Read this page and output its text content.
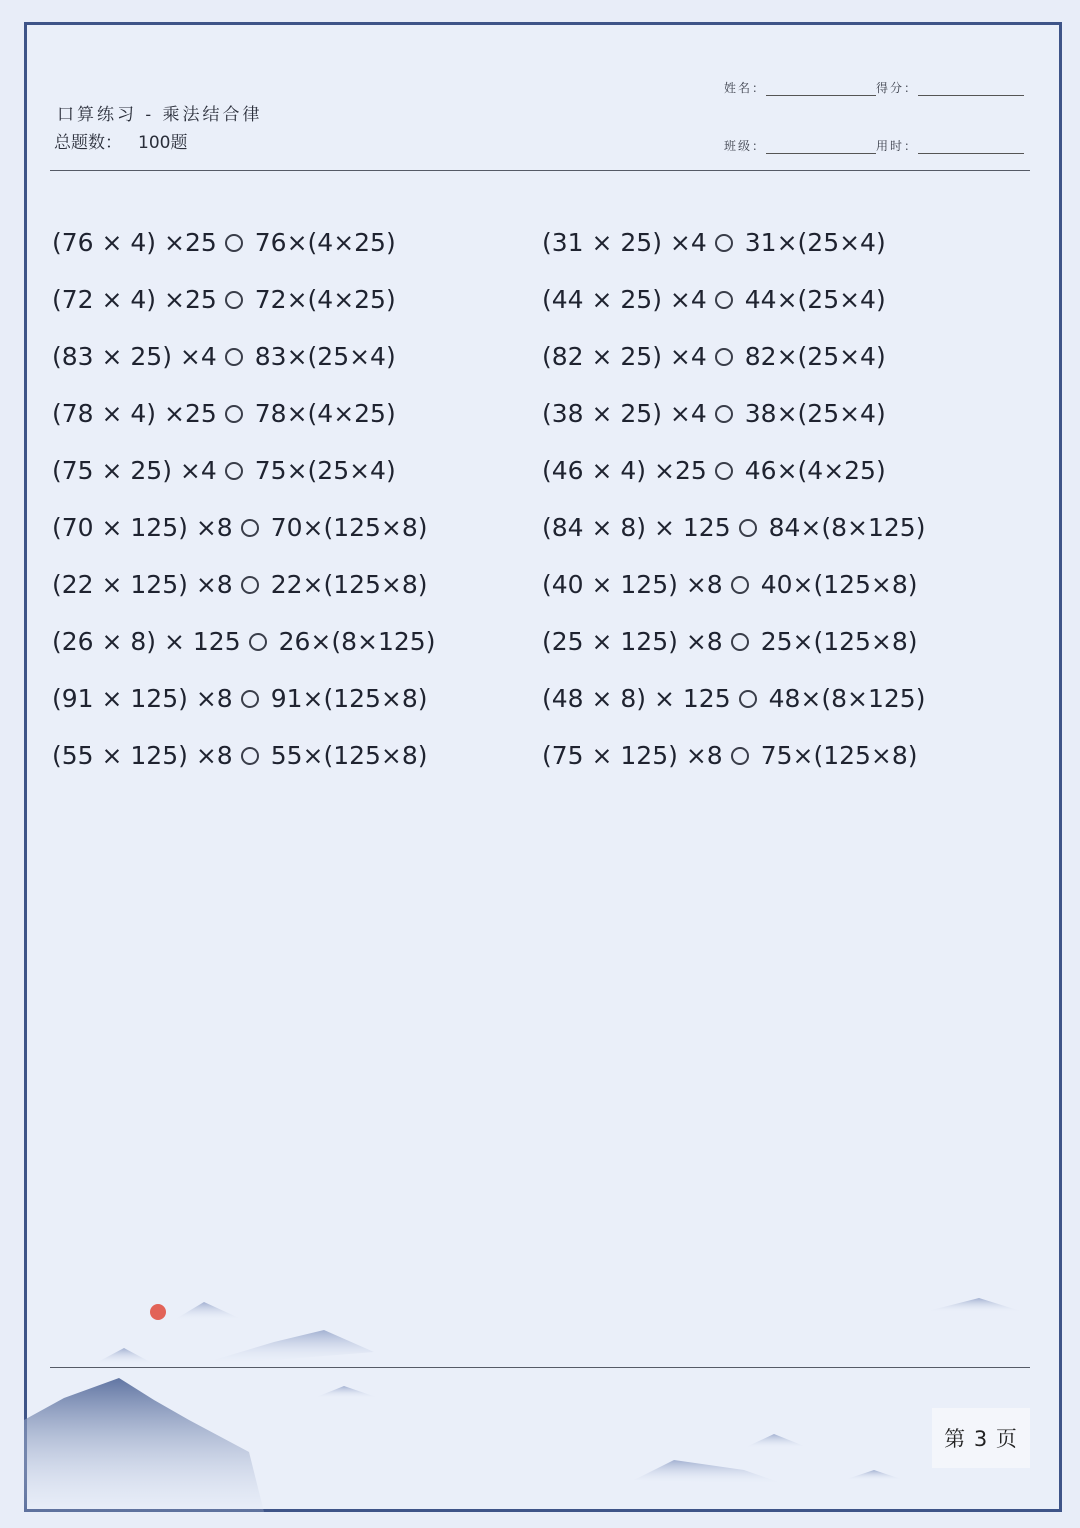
口算练习 - 乘法结合律
总题数： 100题
姓名：	得分：
班级：	用时：
(76 × 4) ×25 76×(4×25)
(72 × 4) ×25 72×(4×25)
(83 × 25) ×4 83×(25×4)
(78 × 4) ×25 78×(4×25)
(75 × 25) ×4 75×(25×4)
(70 × 125) ×8 70×(125×8)
(22 × 125) ×8 22×(125×8)
(26 × 8) × 125 26×(8×125)
(91 × 125) ×8 91×(125×8)
(55 × 125) ×8 55×(125×8)
(31 × 25) ×4 31×(25×4)
(44 × 25) ×4 44×(25×4)
(82 × 25) ×4 82×(25×4)
(38 × 25) ×4 38×(25×4)
(46 × 4) ×25 46×(4×25)
(84 × 8) × 125 84×(8×125)
(40 × 125) ×8 40×(125×8)
(25 × 125) ×8 25×(125×8)
(48 × 8) × 125 48×(8×125)
(75 × 125) ×8 75×(125×8)
第 3 页
